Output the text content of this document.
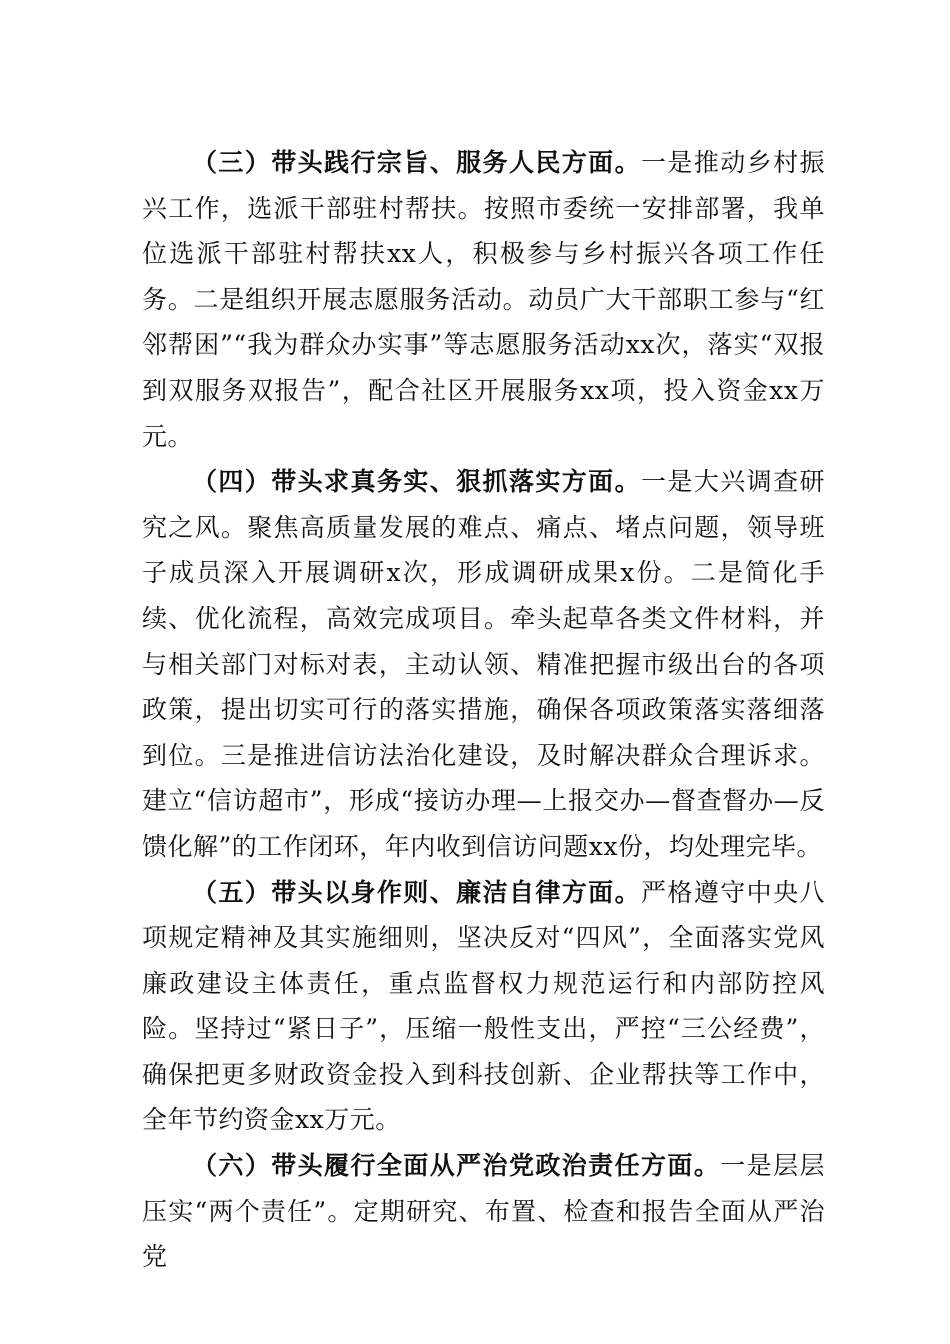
（三）带头践行宗旨、服务人民方面。一是推动乡村振兴工作，选派干部驻村帮扶。按照市委统一安排部署，我单位选派干部驻村帮扶xx人，积极参与乡村振兴各项工作任务。二是组织开展志愿服务活动。动员广大干部职工参与“红邻帮困”“我为群众办实事”等志愿服务活动xx次，落实“双报到双服务双报告”，配合社区开展服务xx项，投入资金xx万元。

（四）带头求真务实、狠抓落实方面。一是大兴调查研究之风。聚焦高质量发展的难点、痛点、堵点问题，领导班子成员深入开展调研x次，形成调研成果x份。二是简化手续、优化流程，高效完成项目。牵头起草各类文件材料，并与相关部门对标对表，主动认领、精准把握市级出台的各项政策，提出切实可行的落实措施，确保各项政策落实落细落到位。三是推进信访法治化建设，及时解决群众合理诉求。建立“信访超市”，形成“接访办理—上报交办—督查督办—反馈化解”的工作闭环，年内收到信访问题xx份，均处理完毕。

（五）带头以身作则、廉洁自律方面。严格遵守中央八项规定精神及其实施细则，坚决反对“四风”，全面落实党风廉政建设主体责任，重点监督权力规范运行和内部防控风险。坚持过“紧日子”，压缩一般性支出，严控“三公经费”，确保把更多财政资金投入到科技创新、企业帮扶等工作中，全年节约资金xx万元。

（六）带头履行全面从严治党政治责任方面。一是层层压实“两个责任”。定期研究、布置、检查和报告全面从严治党
